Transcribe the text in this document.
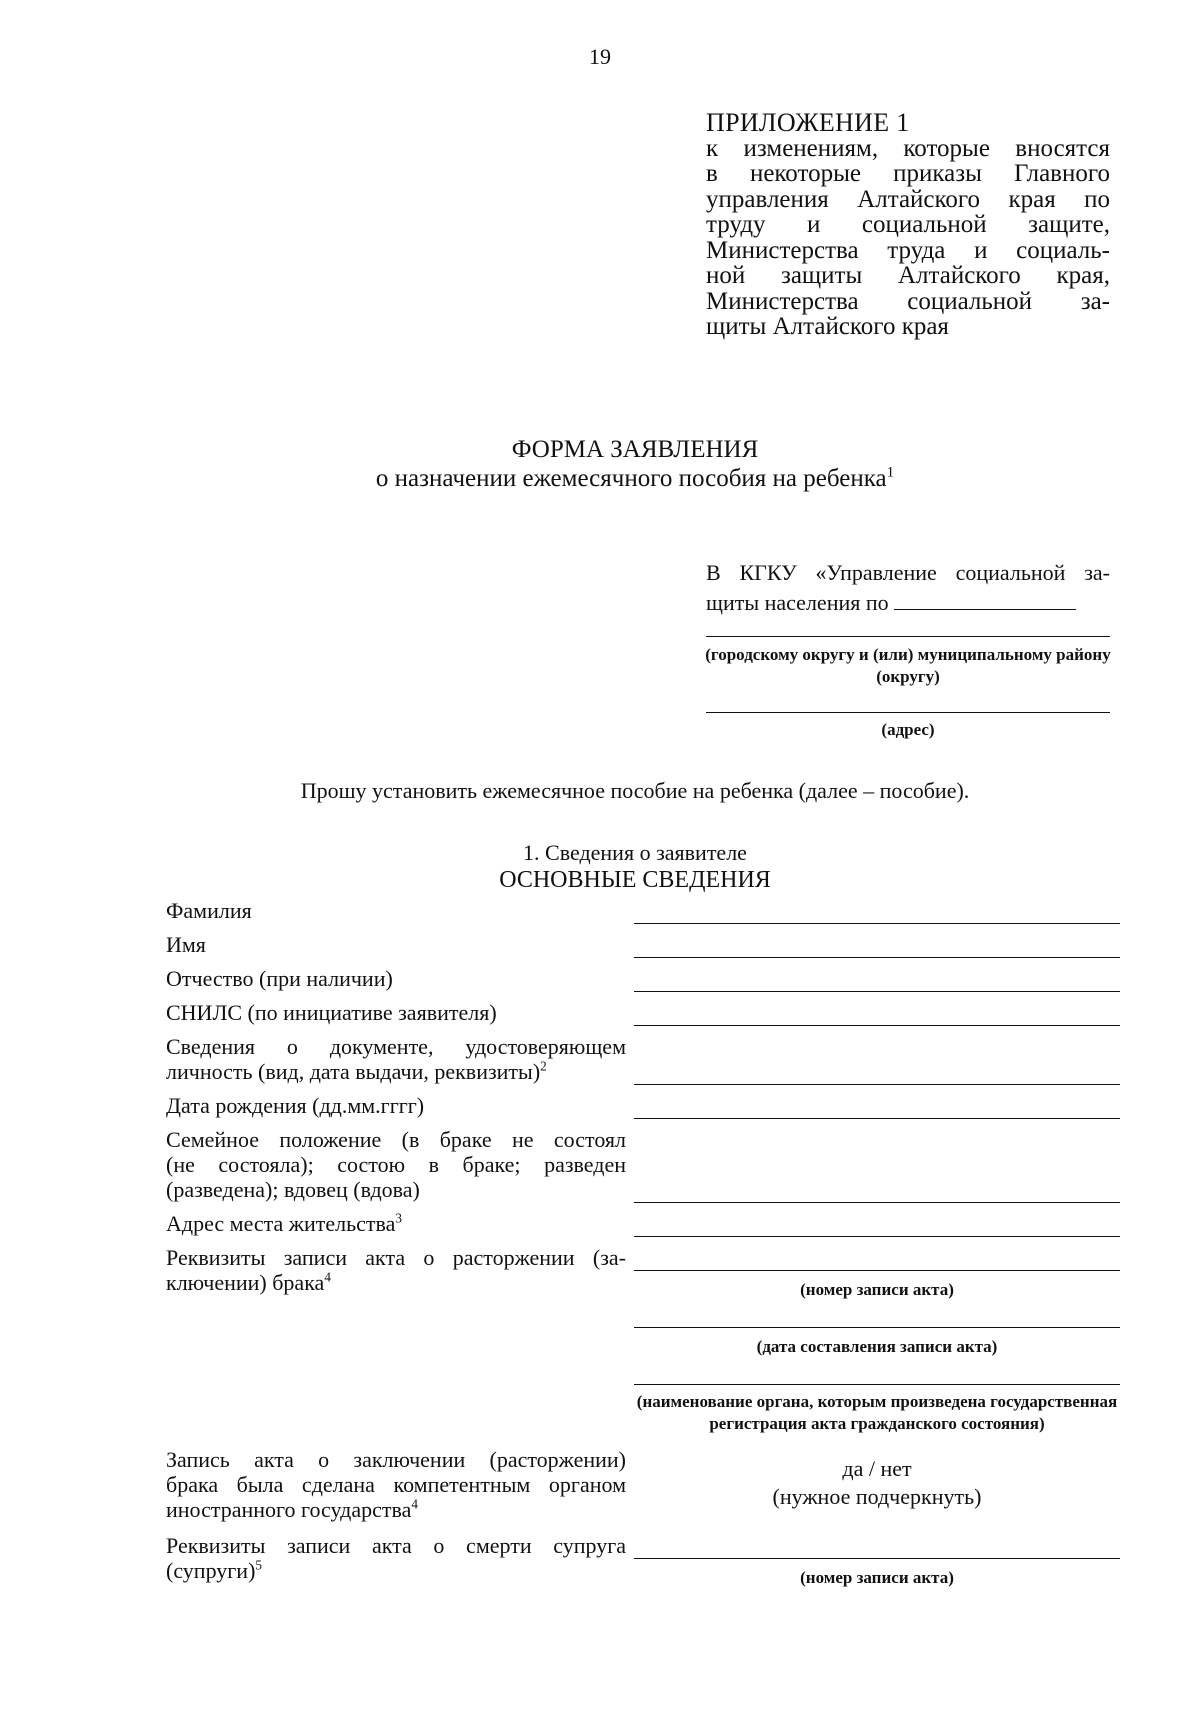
19
ПРИЛОЖЕНИЕ 1
к изменениям, которые вносятся
в некоторые приказы Главного
управления Алтайского края по
труду и социальной защите,
Министерства труда и социаль-
ной защиты Алтайского края,
Министерства социальной за-
щиты Алтайского края
ФОРМА ЗАЯВЛЕНИЯ
о назначении ежемесячного пособия на ребенка$^1$
В КГКУ «Управление социальной за-
щиты населения по
(городскому округу и (или) муниципальному району (округу)
(адрес)
Прошу установить ежемесячное пособие на ребенка (далее – пособие).
1. Сведения о заявителе
ОСНОВНЫЕ СВЕДЕНИЯ
Фамилия
Имя
Отчество (при наличии)
СНИЛС (по инициативе заявителя)
Сведения о документе, удостоверяющем
личность (вид, дата выдачи, реквизиты)$^2$
Дата рождения (дд.мм.гггг)
Семейное положение (в браке не состоял
(не состояла); состою в браке; разведен
(разведена); вдовец (вдова)
Адрес места жительства$^3$
Реквизиты записи акта о расторжении (за-
ключении) брака$^4$
(номер записи акта)
(дата составления записи акта)
(наименование органа, которым произведена государственная регистрация акта гражданского состояния)
Запись акта о заключении (расторжении)
брака была сделана компетентным органом
иностранного государства$^4$
да / нет
(нужное подчеркнуть)
Реквизиты записи акта о смерти супруга
(супруги)$^5$
(номер записи акта)
